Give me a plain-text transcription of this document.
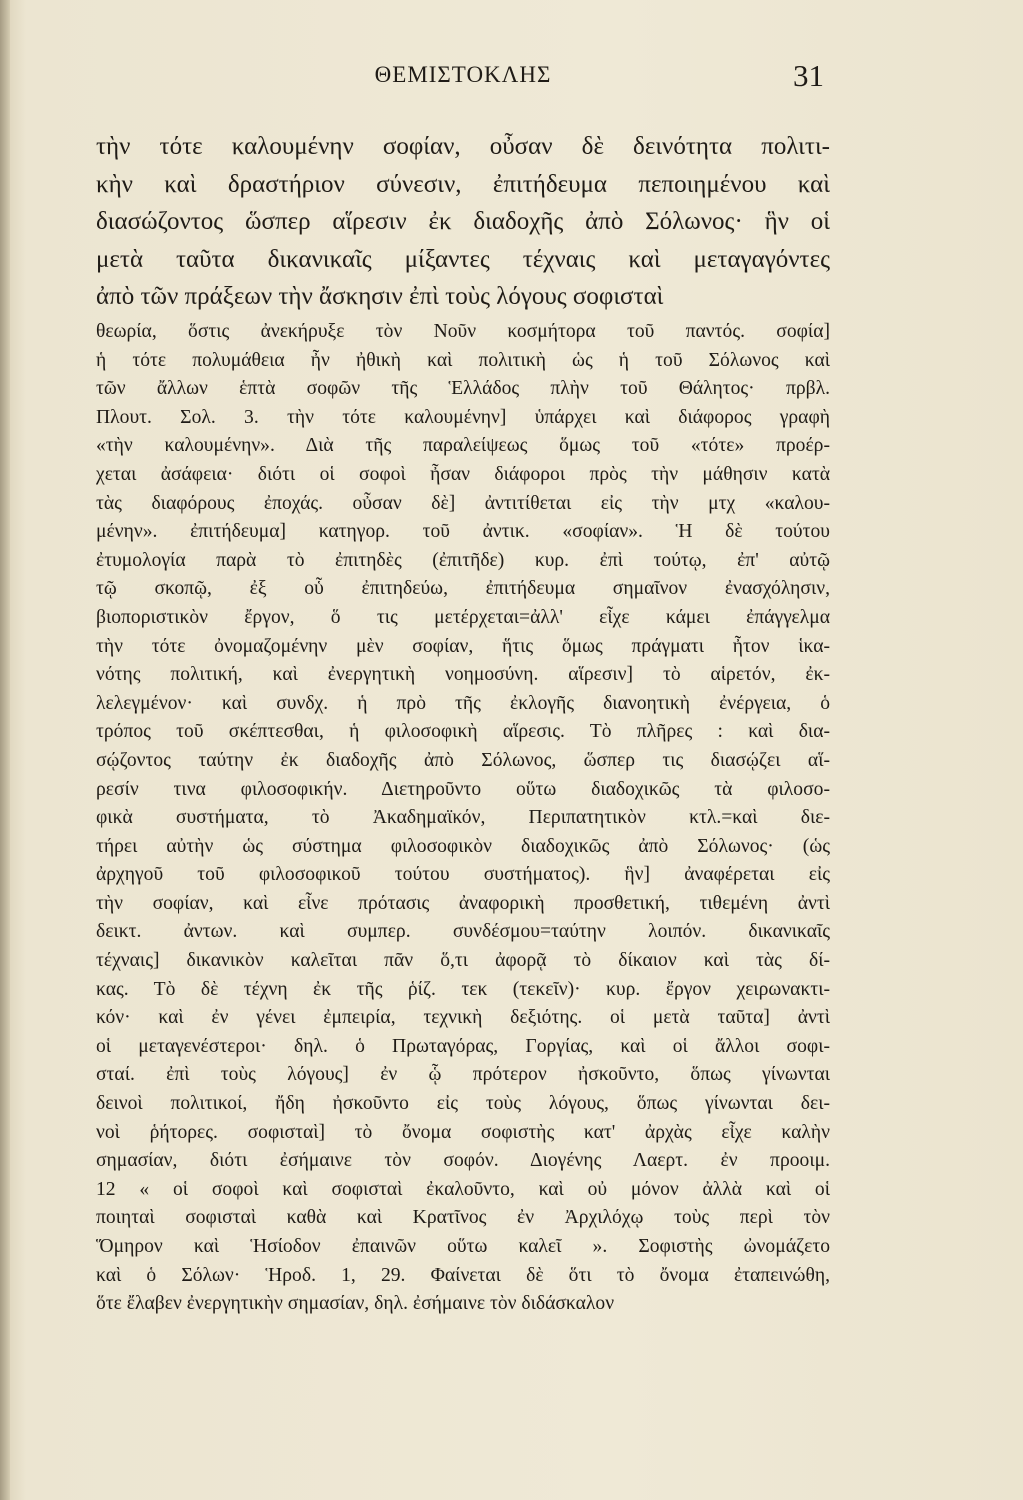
ΘΕΜΙΣΤΟΚΛΗΣ	31
τὴν τότε καλουμένην σοφίαν, οὖσαν δὲ δεινότητα πολιτι-
κὴν καὶ δραστήριον σύνεσιν, ἐπιτήδευμα πεποιημένου καὶ
διασώζοντος ὥσπερ αἵρεσιν ἐκ διαδοχῆς ἀπὸ Σόλωνος· ἣν οἱ
μετὰ ταῦτα δικανικαῖς μίξαντες τέχναις καὶ μεταγαγόντες
ἀπὸ τῶν πράξεων τὴν ἄσκησιν ἐπὶ τοὺς λόγους σοφισταὶ
θεωρία, ὅστις ἀνεκήρυξε τὸν Νοῦν κοσμήτορα τοῦ παντός. σοφία]
ἡ τότε πολυμάθεια ἦν ἠθικὴ καὶ πολιτικὴ ὡς ἡ τοῦ Σόλωνος καὶ
τῶν ἄλλων ἑπτὰ σοφῶν τῆς Ἑλλάδος πλὴν τοῦ Θάλητος· πρβλ.
Πλουτ. Σολ. 3. τὴν τότε καλουμένην] ὑπάρχει καὶ διάφορος γραφὴ
«τὴν καλουμένην». Διὰ τῆς παραλείψεως ὅμως τοῦ «τότε» προέρ-
χεται ἀσάφεια· διότι οἱ σοφοὶ ἦσαν διάφοροι πρὸς τὴν μάθησιν κατὰ
τὰς διαφόρους ἐποχάς. οὖσαν δὲ] ἀντιτίθεται εἰς τὴν μτχ «καλου-
μένην». ἐπιτήδευμα] κατηγορ. τοῦ ἀντικ. «σοφίαν». Ἡ δὲ τούτου
ἐτυμολογία παρὰ τὸ ἐπιτηδὲς (ἐπιτῆδε) κυρ. ἐπὶ τούτῳ, ἐπ' αὐτῷ
τῷ σκοπῷ, ἐξ οὗ ἐπιτηδεύω, ἐπιτήδευμα σημαῖνον ἐνασχόλησιν,
βιοποριστικὸν ἔργον, ὅ τις μετέρχεται=ἀλλ' εἶχε κάμει ἐπάγγελμα
τὴν τότε ὀνομαζομένην μὲν σοφίαν, ἥτις ὅμως πράγματι ἦτον ἱκα-
νότης πολιτική, καὶ ἐνεργητικὴ νοημοσύνη. αἵρεσιν] τὸ αἱρετόν, ἐκ-
λελεγμένον· καὶ συνδχ. ἡ πρὸ τῆς ἐκλογῆς διανοητικὴ ἐνέργεια, ὁ
τρόπος τοῦ σκέπτεσθαι, ἡ φιλοσοφικὴ αἵρεσις. Τὸ πλῆρες : καὶ δια-
σῴζοντος ταύτην ἐκ διαδοχῆς ἀπὸ Σόλωνος, ὥσπερ τις διασῴζει αἵ-
ρεσίν τινα φιλοσοφικήν. Διετηροῦντο οὕτω διαδοχικῶς τὰ φιλοσο-
φικὰ συστήματα, τὸ Ἀκαδημαϊκόν, Περιπατητικὸν κτλ.=καὶ διε-
τήρει αὐτὴν ὡς σύστημα φιλοσοφικὸν διαδοχικῶς ἀπὸ Σόλωνος· (ὡς
ἀρχηγοῦ τοῦ φιλοσοφικοῦ τούτου συστήματος). ἣν] ἀναφέρεται εἰς
τὴν σοφίαν, καὶ εἶνε πρότασις ἀναφορικὴ προσθετική, τιθεμένη ἀντὶ
δεικτ. ἀντων. καὶ συμπερ. συνδέσμου=ταύτην λοιπόν. δικανικαῖς
τέχναις] δικανικὸν καλεῖται πᾶν ὅ,τι ἀφορᾷ τὸ δίκαιον καὶ τὰς δί-
κας. Τὸ δὲ τέχνη ἐκ τῆς ῥίζ. τεκ (τεκεῖν)· κυρ. ἔργον χειρωνακτι-
κόν· καὶ ἐν γένει ἐμπειρία, τεχνικὴ δεξιότης. οἱ μετὰ ταῦτα] ἀντὶ
οἱ μεταγενέστεροι· δηλ. ὁ Πρωταγόρας, Γοργίας, καὶ οἱ ἄλλοι σοφι-
σταί. ἐπὶ τοὺς λόγους] ἐν ᾧ πρότερον ἠσκοῦντο, ὅπως γίνωνται
δεινοὶ πολιτικοί, ἤδη ἠσκοῦντο εἰς τοὺς λόγους, ὅπως γίνωνται δει-
νοὶ ῥήτορες. σοφισταὶ] τὸ ὄνομα σοφιστὴς κατ' ἀρχὰς εἶχε καλὴν
σημασίαν, διότι ἐσήμαινε τὸν σοφόν. Διογένης Λαερτ. ἐν προοιμ.
12 « οἱ σοφοὶ καὶ σοφισταὶ ἐκαλοῦντο, καὶ οὐ μόνον ἀλλὰ καὶ οἱ
ποιηταὶ σοφισταὶ καθὰ καὶ Κρατῖνος ἐν Ἀρχιλόχῳ τοὺς περὶ τὸν
Ὅμηρον καὶ Ἡσίοδον ἐπαινῶν οὕτω καλεῖ ». Σοφιστὴς ὠνομάζετο
καὶ ὁ Σόλων· Ἡροδ. 1, 29. Φαίνεται δὲ ὅτι τὸ ὄνομα ἐταπεινώθη,
ὅτε ἔλαβεν ἐνεργητικὴν σημασίαν, δηλ. ἐσήμαινε τὸν διδάσκαλον
